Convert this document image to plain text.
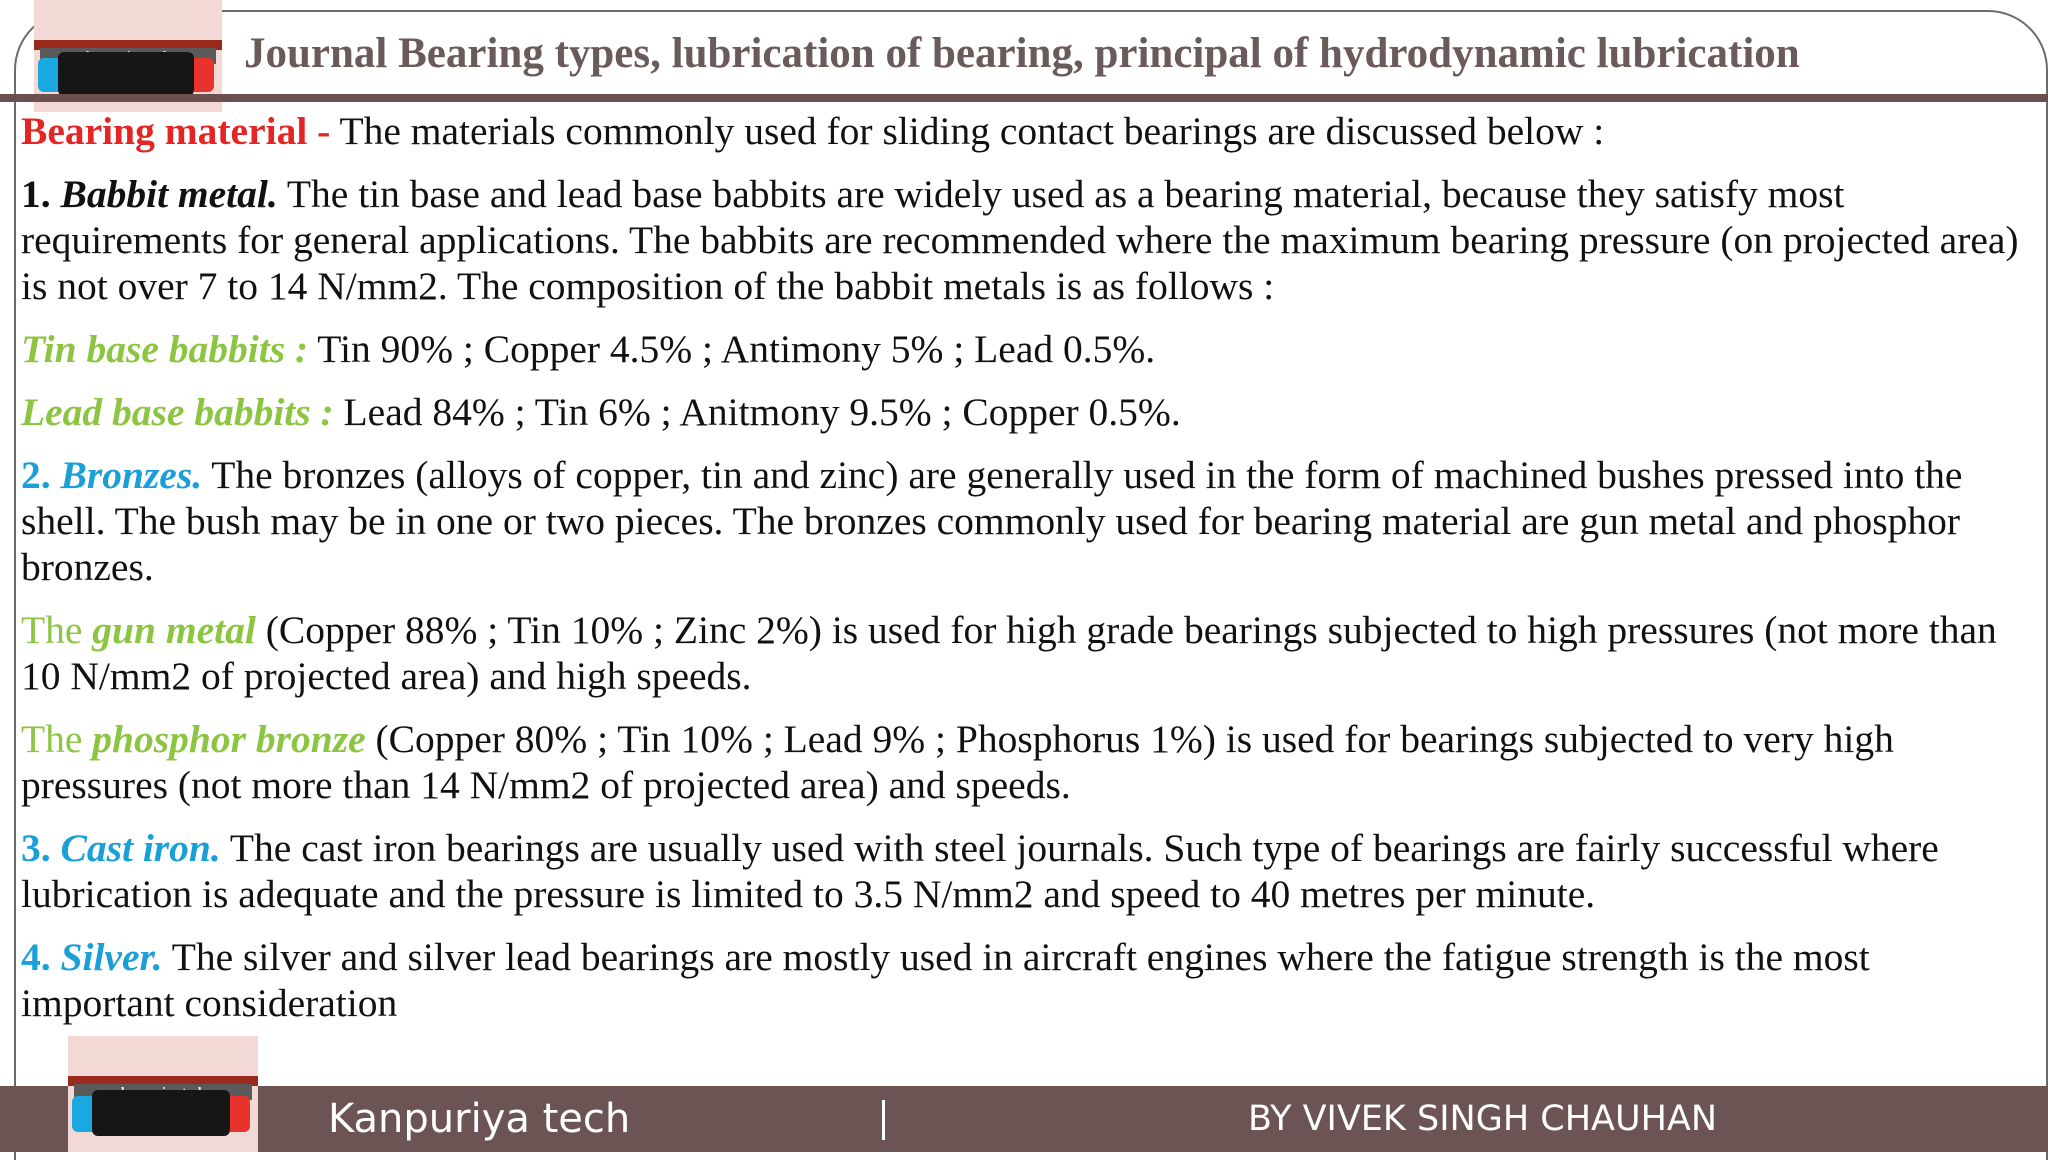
Journal Bearing types, lubrication of bearing, principal of hydrodynamic lubrication

Bearing material - The materials commonly used for sliding contact bearings are discussed below :

1. Babbit metal. The tin base and lead base babbits are widely used as a bearing material, because they satisfy most requirements for general applications. The babbits are recommended where the maximum bearing pressure (on projected area) is not over 7 to 14 N/mm2. The composition of the babbit metals is as follows :

Tin base babbits : Tin 90% ; Copper 4.5% ; Antimony 5% ; Lead 0.5%.

Lead base babbits : Lead 84% ; Tin 6% ; Anitmony 9.5% ; Copper 0.5%.

2. Bronzes. The bronzes (alloys of copper, tin and zinc) are generally used in the form of machined bushes pressed into the shell. The bush may be in one or two pieces. The bronzes commonly used for bearing material are gun metal and phosphor bronzes.

The gun metal (Copper 88% ; Tin 10% ; Zinc 2%) is used for high grade bearings subjected to high pressures (not more than 10 N/mm2 of projected area) and high speeds.

The phosphor bronze (Copper 80% ; Tin 10% ; Lead 9% ; Phosphorus 1%) is used for bearings subjected to very high pressures (not more than 14 N/mm2 of projected area) and speeds.

3. Cast iron. The cast iron bearings are usually used with steel journals. Such type of bearings are fairly successful where lubrication is adequate and the pressure is limited to 3.5 N/mm2 and speed to 40 metres per minute.

4. Silver. The silver and silver lead bearings are mostly used in aircraft engines where the fatigue strength is the most important consideration

Kanpuriya tech	BY VIVEK SINGH CHAUHAN
